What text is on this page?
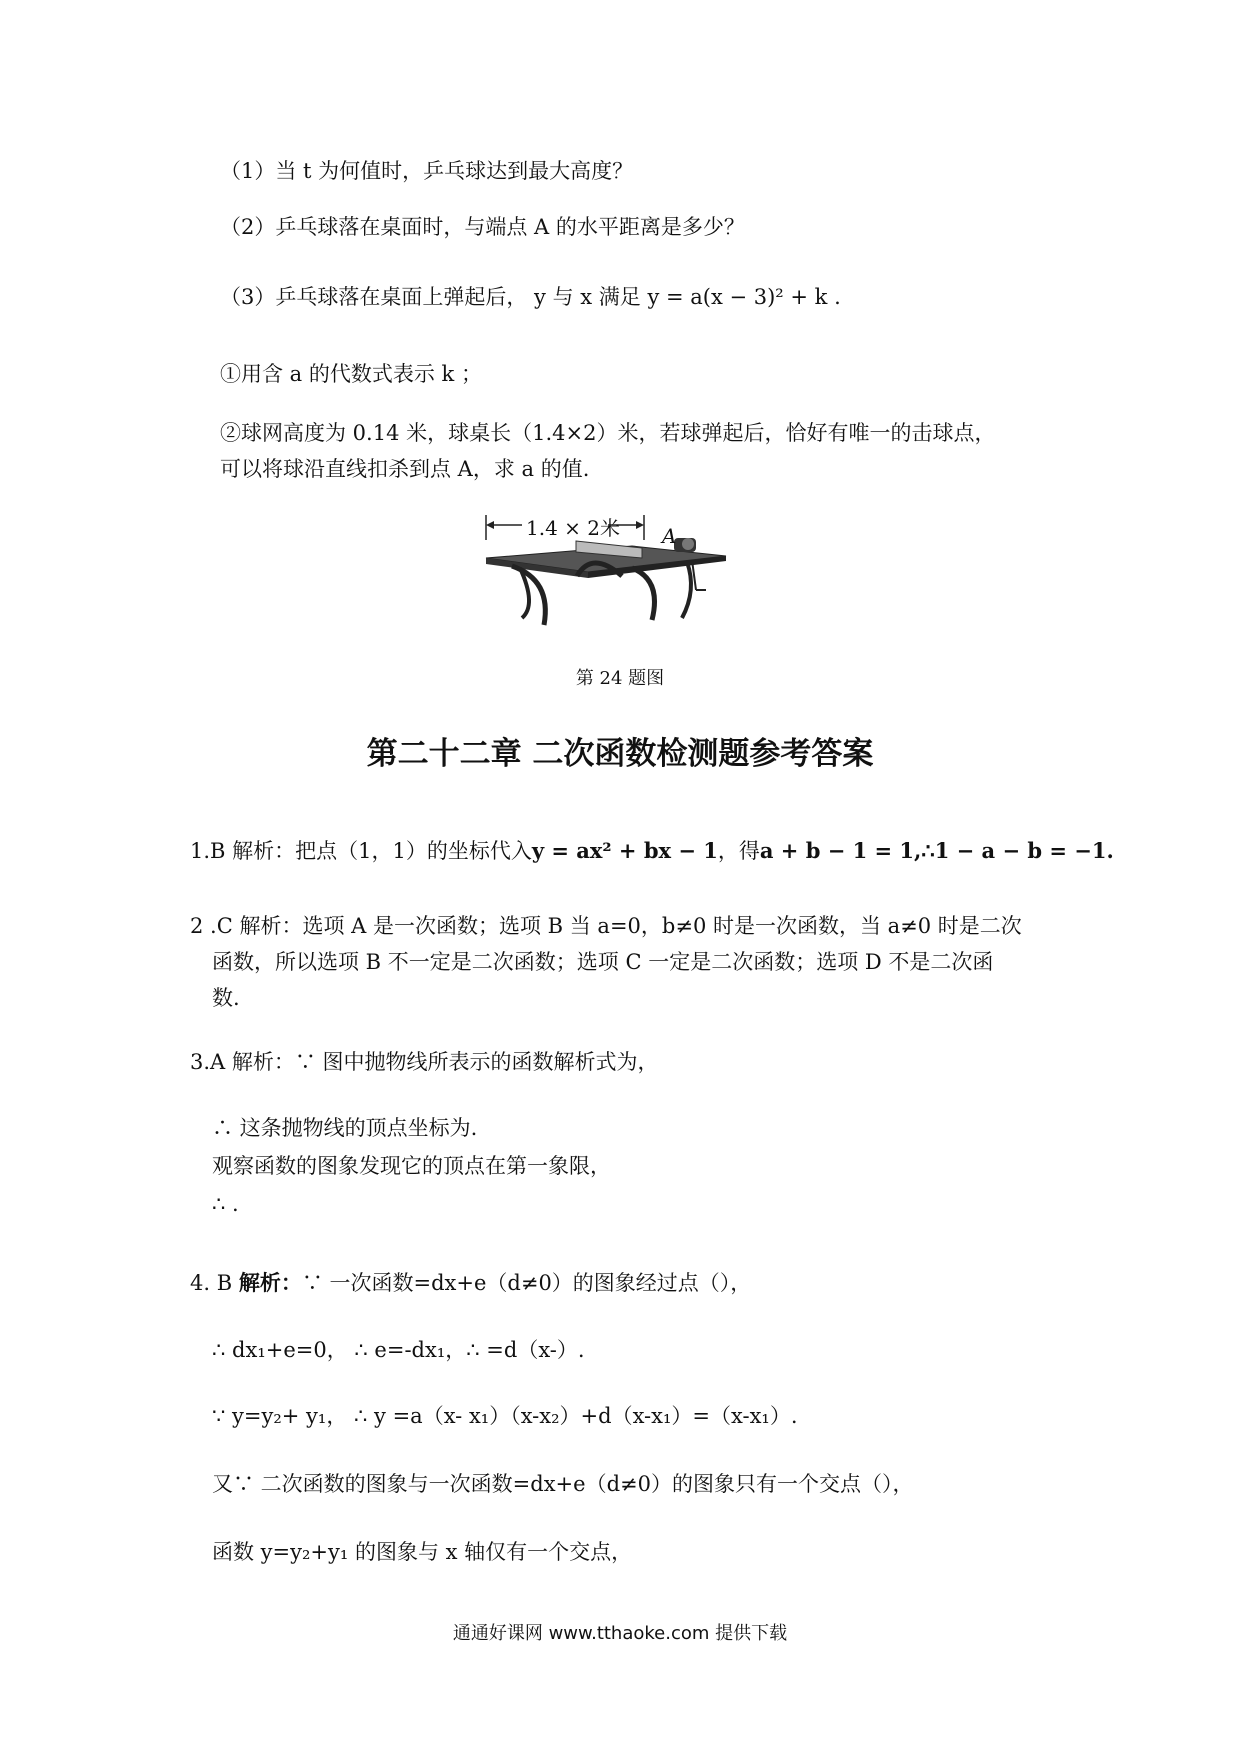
（1）当 t 为何值时，乒乓球达到最大高度？
（2）乒乓球落在桌面时，与端点 A 的水平距离是多少？
（3）乒乓球落在桌面上弹起后， y 与 x 满足 y = a(x − 3)² + k .
①用含 a 的代数式表示 k ；
②球网高度为 0.14 米，球桌长（1.4×2）米，若球弹起后，恰好有唯一的击球点，
可以将球沿直线扣杀到点 A，求 a 的值.
1.4 × 2米 A
第 24 题图
第二十二章 二次函数检测题参考答案
1.B 解析：把点（1，1）的坐标代入y = ax² + bx − 1，得a + b − 1 = 1,∴1 − a − b = −1.
2 .C 解析：选项 A 是一次函数；选项 B 当 a=0，b≠0 时是一次函数，当 a≠0 时是二次
函数，所以选项 B 不一定是二次函数；选项 C 一定是二次函数；选项 D 不是二次函
数.
3.A 解析：∵ 图中抛物线所表示的函数解析式为，
∴ 这条抛物线的顶点坐标为.
观察函数的图象发现它的顶点在第一象限，
∴ .
4. B 解析：∵ 一次函数=dx+e（d≠0）的图象经过点（），
∴ dx₁+e=0， ∴ e=-dx₁，∴ =d（x-）.
∵ y=y₂+ y₁， ∴ y =a（x- x₁）（x-x₂）+d（x-x₁）=（x-x₁）.
又∵ 二次函数的图象与一次函数=dx+e（d≠0）的图象只有一个交点（），
函数 y=y₂+y₁ 的图象与 x 轴仅有一个交点，
通通好课网 www.tthaoke.com 提供下载
